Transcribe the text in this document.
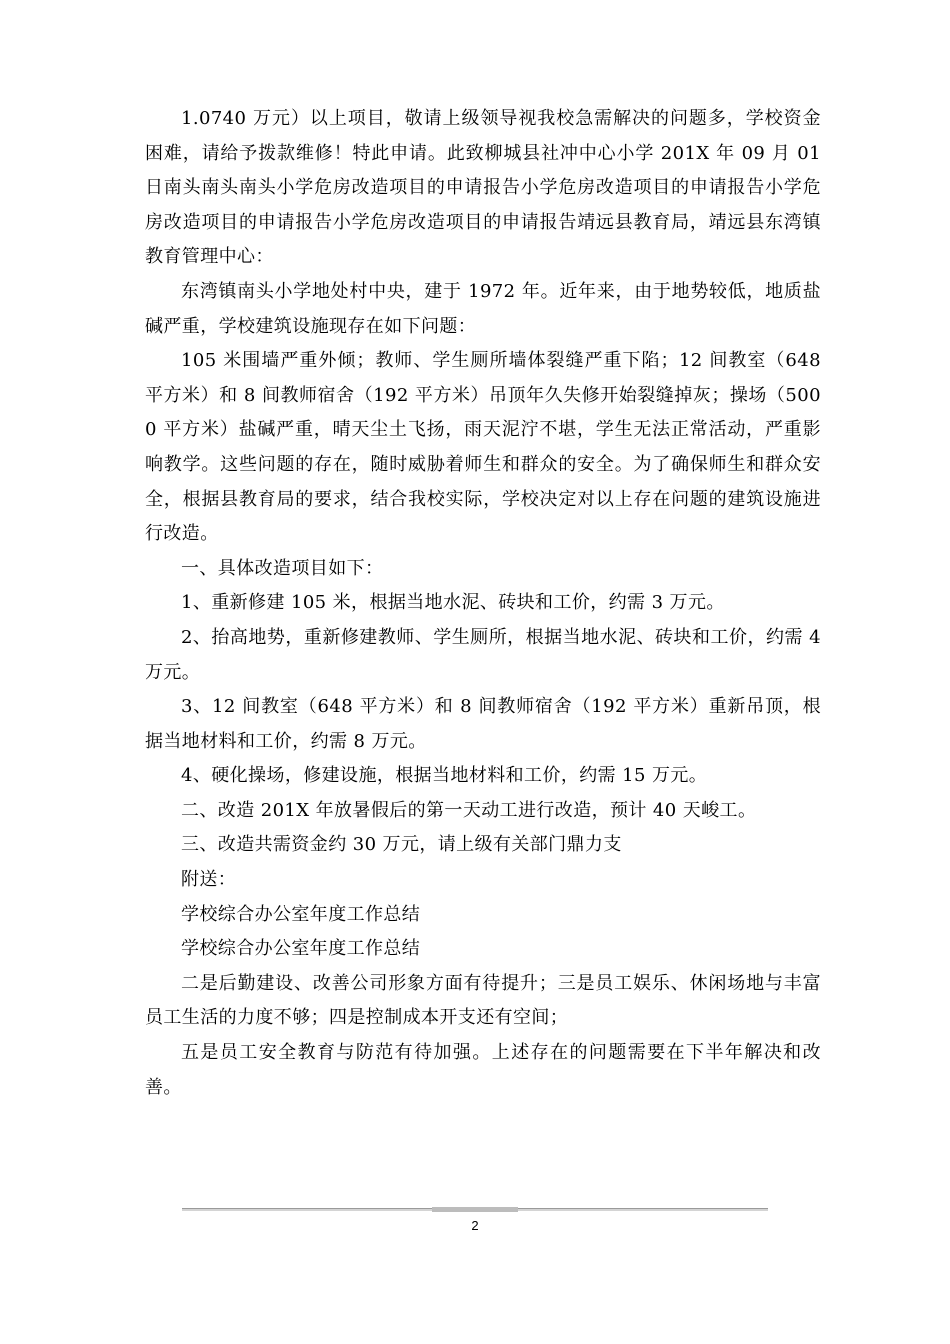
1.0740 万元）以上项目，敬请上级领导视我校急需解决的问题多，学校资金困难，请给予拨款维修！特此申请。此致柳城县社冲中心小学 201X 年 09 月 01 日南头南头南头小学危房改造项目的申请报告小学危房改造项目的申请报告小学危房改造项目的申请报告小学危房改造项目的申请报告靖远县教育局，靖远县东湾镇教育管理中心：

东湾镇南头小学地处村中央，建于 1972 年。近年来，由于地势较低，地质盐碱严重，学校建筑设施现存在如下问题：

105 米围墙严重外倾；教师、学生厕所墙体裂缝严重下陷；12 间教室（648 平方米）和 8 间教师宿舍（192 平方米）吊顶年久失修开始裂缝掉灰；操场（5000 平方米）盐碱严重，晴天尘土飞扬，雨天泥泞不堪，学生无法正常活动，严重影响教学。这些问题的存在，随时威胁着师生和群众的安全。为了确保师生和群众安全，根据县教育局的要求，结合我校实际，学校决定对以上存在问题的建筑设施进行改造。

一、具体改造项目如下：

1、重新修建 105 米，根据当地水泥、砖块和工价，约需 3 万元。

2、抬高地势，重新修建教师、学生厕所，根据当地水泥、砖块和工价，约需 4 万元。

3、12 间教室（648 平方米）和 8 间教师宿舍（192 平方米）重新吊顶，根据当地材料和工价，约需 8 万元。

4、硬化操场，修建设施，根据当地材料和工价，约需 15 万元。

二、改造 201X 年放暑假后的第一天动工进行改造，预计 40 天峻工。

三、改造共需资金约 30 万元，请上级有关部门鼎力支

附送：

学校综合办公室年度工作总结

学校综合办公室年度工作总结

二是后勤建设、改善公司形象方面有待提升；三是员工娱乐、休闲场地与丰富员工生活的力度不够；四是控制成本开支还有空间；

五是员工安全教育与防范有待加强。上述存在的问题需要在下半年解决和改善。

2
